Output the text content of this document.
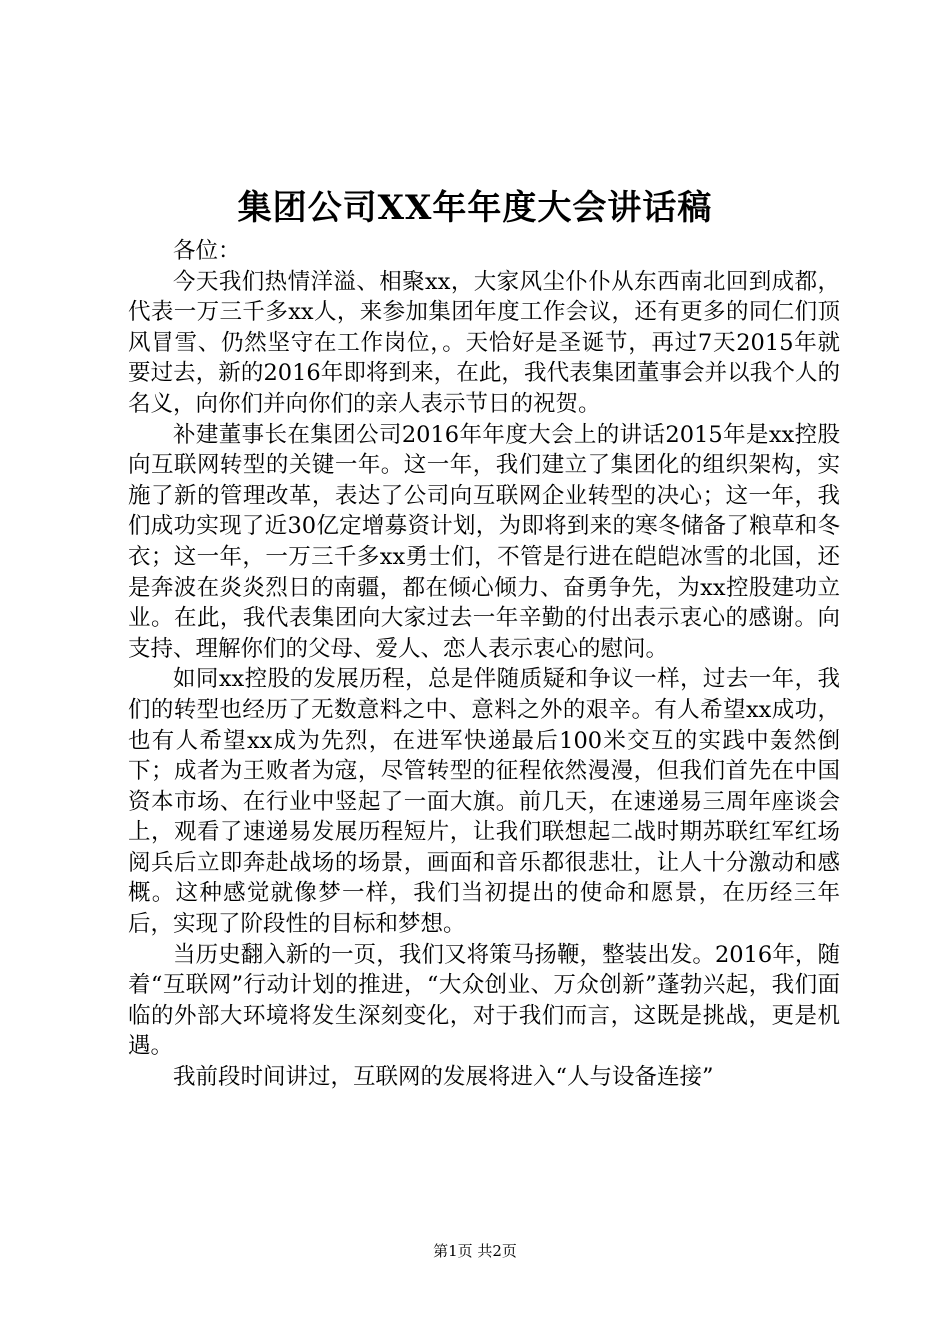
集团公司XX年年度大会讲话稿

各位：

今天我们热情洋溢、相聚xx，大家风尘仆仆从东西南北回到成都，代表一万三千多xx人，来参加集团年度工作会议，还有更多的同仁们顶风冒雪、仍然坚守在工作岗位，。天恰好是圣诞节，再过7天2015年就要过去，新的2016年即将到来，在此，我代表集团董事会并以我个人的名义，向你们并向你们的亲人表示节日的祝贺。

补建董事长在集团公司2016年年度大会上的讲话2015年是xx控股向互联网转型的关键一年。这一年，我们建立了集团化的组织架构，实施了新的管理改革，表达了公司向互联网企业转型的决心；这一年，我们成功实现了近30亿定增募资计划，为即将到来的寒冬储备了粮草和冬衣；这一年，一万三千多xx勇士们，不管是行进在皑皑冰雪的北国，还是奔波在炎炎烈日的南疆，都在倾心倾力、奋勇争先，为xx控股建功立业。在此，我代表集团向大家过去一年辛勤的付出表示衷心的感谢。向支持、理解你们的父母、爱人、恋人表示衷心的慰问。

如同xx控股的发展历程，总是伴随质疑和争议一样，过去一年，我们的转型也经历了无数意料之中、意料之外的艰辛。有人希望xx成功，也有人希望xx成为先烈，在进军快递最后100米交互的实践中轰然倒下；成者为王败者为寇，尽管转型的征程依然漫漫，但我们首先在中国资本市场、在行业中竖起了一面大旗。前几天，在速递易三周年座谈会上，观看了速递易发展历程短片，让我们联想起二战时期苏联红军红场阅兵后立即奔赴战场的场景，画面和音乐都很悲壮，让人十分激动和感概。这种感觉就像梦一样，我们当初提出的使命和愿景，在历经三年后，实现了阶段性的目标和梦想。

当历史翻入新的一页，我们又将策马扬鞭，整装出发。2016年，随着“互联网”行动计划的推进，“大众创业、万众创新”蓬勃兴起，我们面临的外部大环境将发生深刻变化，对于我们而言，这既是挑战，更是机遇。

我前段时间讲过，互联网的发展将进入“人与设备连接”

第1页 共2页
